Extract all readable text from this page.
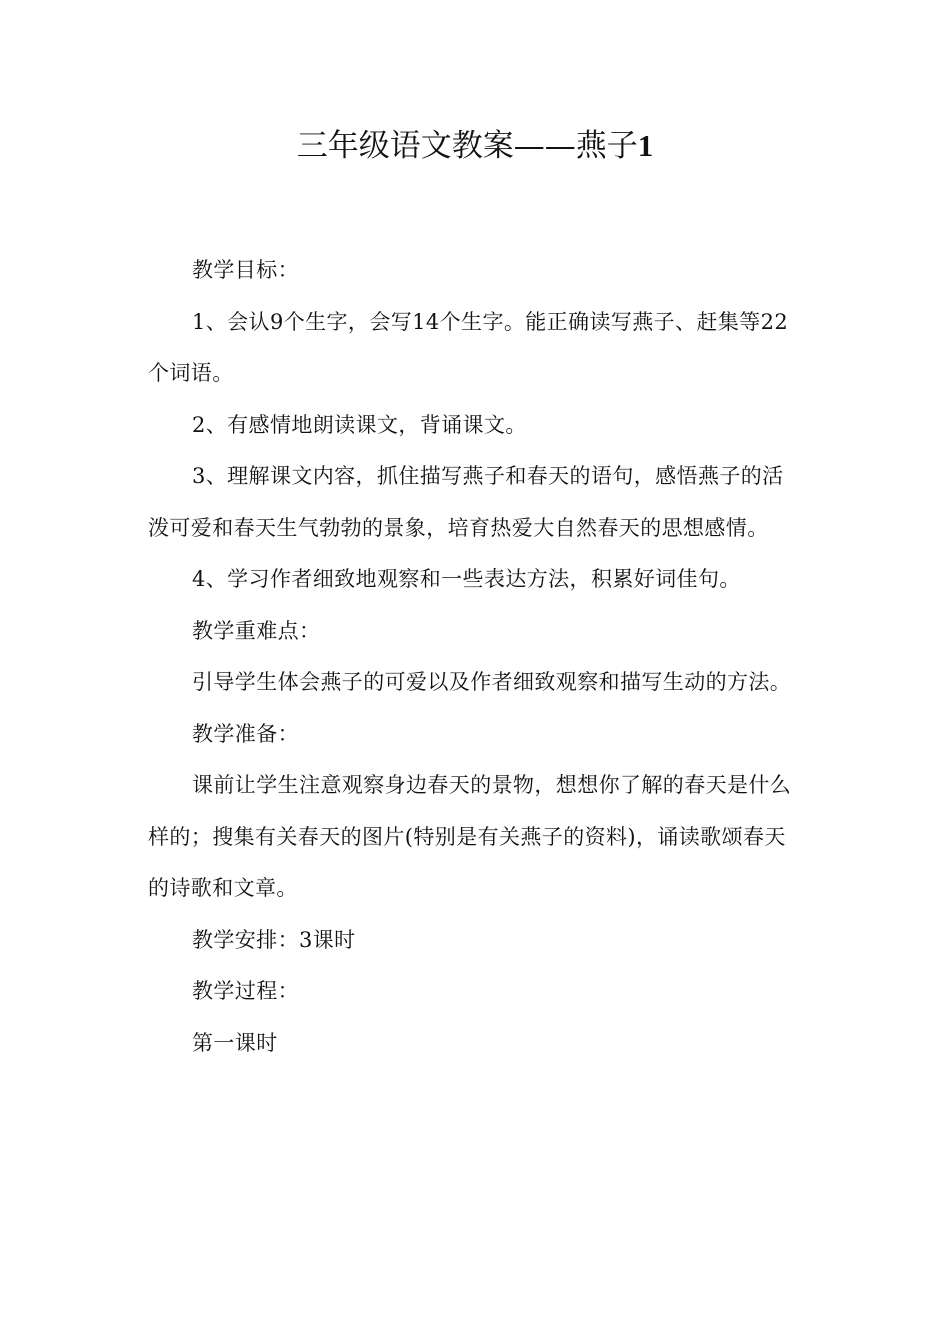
三年级语文教案——燕子1

教学目标：

1、会认9个生字，会写14个生字。能正确读写燕子、赶集等22个词语。

2、有感情地朗读课文，背诵课文。

3、理解课文内容，抓住描写燕子和春天的语句，感悟燕子的活泼可爱和春天生气勃勃的景象，培育热爱大自然春天的思想感情。

4、学习作者细致地观察和一些表达方法，积累好词佳句。

教学重难点：

引导学生体会燕子的可爱以及作者细致观察和描写生动的方法。

教学准备：

课前让学生注意观察身边春天的景物，想想你了解的春天是什么样的；搜集有关春天的图片(特别是有关燕子的资料)，诵读歌颂春天的诗歌和文章。

教学安排：3课时

教学过程：

第一课时
